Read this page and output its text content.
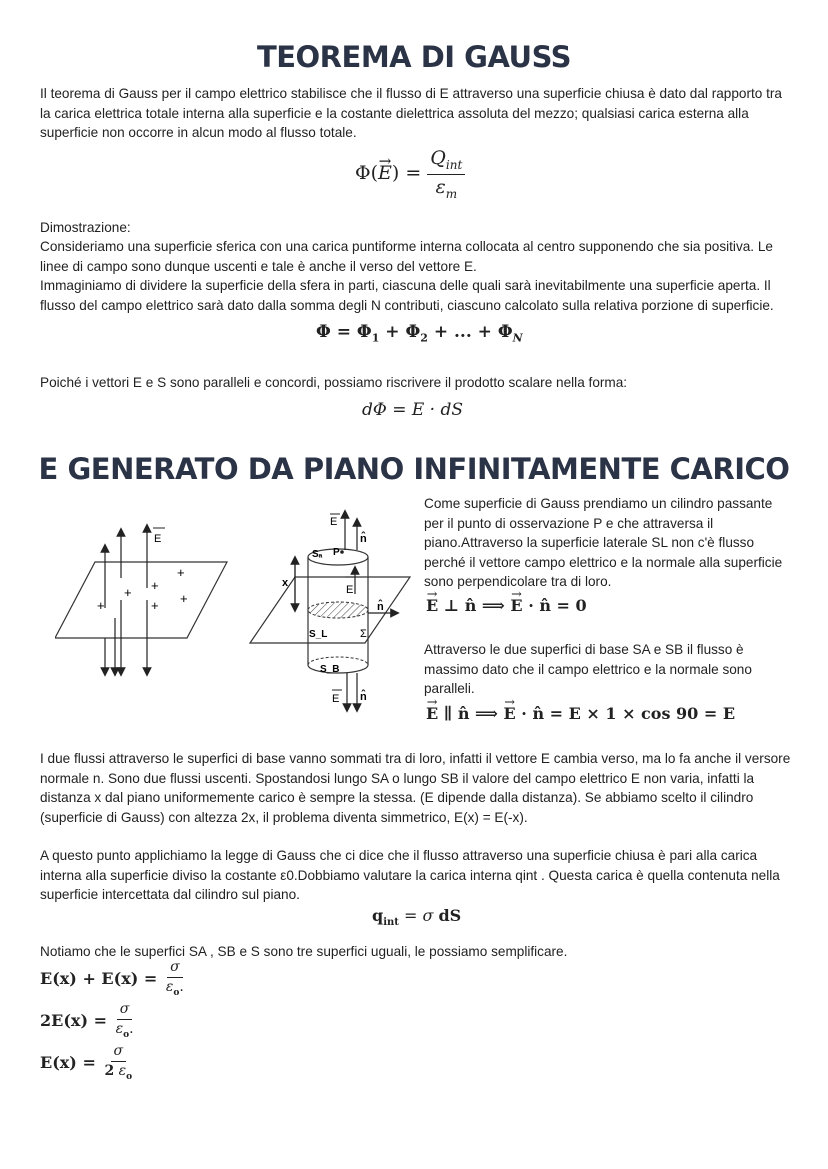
TEOREMA DI GAUSS

Il teorema di Gauss per il campo elettrico stabilisce che il flusso di E attraverso una superficie chiusa è dato dal rapporto tra la carica elettrica totale interna alla superficie e la costante dielettrica assoluta del mezzo; qualsiasi carica esterna alla superficie non occorre in alcun modo al flusso totale.

$\Phi(\to E) = \frac{Q_{int}}{\varepsilon_m}$

Dimostrazione:

Consideriamo una superficie sferica con una carica puntiforme interna collocata al centro supponendo che sia positiva. Le linee di campo sono dunque uscenti e tale è anche il verso del vettore E.

Immaginiamo di dividere la superficie della sfera in parti, ciascuna delle quali sarà inevitabilmente una superficie aperta. Il flusso del campo elettrico sarà dato dalla somma degli N contributi, ciascuno calcolato sulla relativa porzione di superficie.

$\Phi = \Phi_1 + \Phi_2$ + ... + $\Phi_N$

Poiché i vettori E e S sono paralleli e concordi, possiamo riscrivere il prodotto scalare nella forma:

dΦ = E · dS
E GENERATO DA PIANO INFINITAMENTE CARICO
E
+
+ +
+	+ +
E
n̂
Sₐ P
x
E
n̂
S_L	Σ
S_B
E n̂

Come superficie di Gauss prendiamo un cilindro passante per il punto di osservazione P e che attraversa il piano.Attraverso la superficie laterale SL non c'è flusso perché il vettore campo elettrico e la normale alla superficie sono perpendicolare tra di loro.

→ E ⊥ n̂ ⟹ → E · n̂ = 0

Attraverso le due superfici di base SA e SB il flusso è massimo dato che il campo elettrico e la normale sono paralleli.

→ E ∥ n̂ ⟹ → E · n̂ = E × 1 × cos 90 = E

I due flussi attraverso le superfici di base vanno sommati tra di loro, infatti il vettore E cambia verso, ma lo fa anche il versore normale n. Sono due flussi uscenti. Spostandosi lungo SA o lungo SB il valore del campo elettrico E non varia, infatti la distanza x dal piano uniformemente carico è sempre la stessa. (E dipende dalla distanza). Se abbiamo scelto il cilindro (superficie di Gauss) con altezza 2x, il problema diventa simmetrico, E(x) = E(-x).

A questo punto applichiamo la legge di Gauss che ci dice che il flusso attraverso una superficie chiusa è pari alla carica interna alla superficie diviso la costante ε0.Dobbiamo valutare la carica interna qint . Questa carica è quella contenuta nella superficie intercettata dal cilindro sul piano.

$q_{int} = \sigma$ dS

Notiamo che le superfici SA , SB e S sono tre superfici uguali, le possiamo semplificare.

$E(x) + E(x) = \frac{\sigma}{\varepsilon_o.}$
$2E(x) = \frac{\sigma}{\varepsilon_o.}$
$E(x) = \frac{\sigma}{2 \varepsilon_o}$
